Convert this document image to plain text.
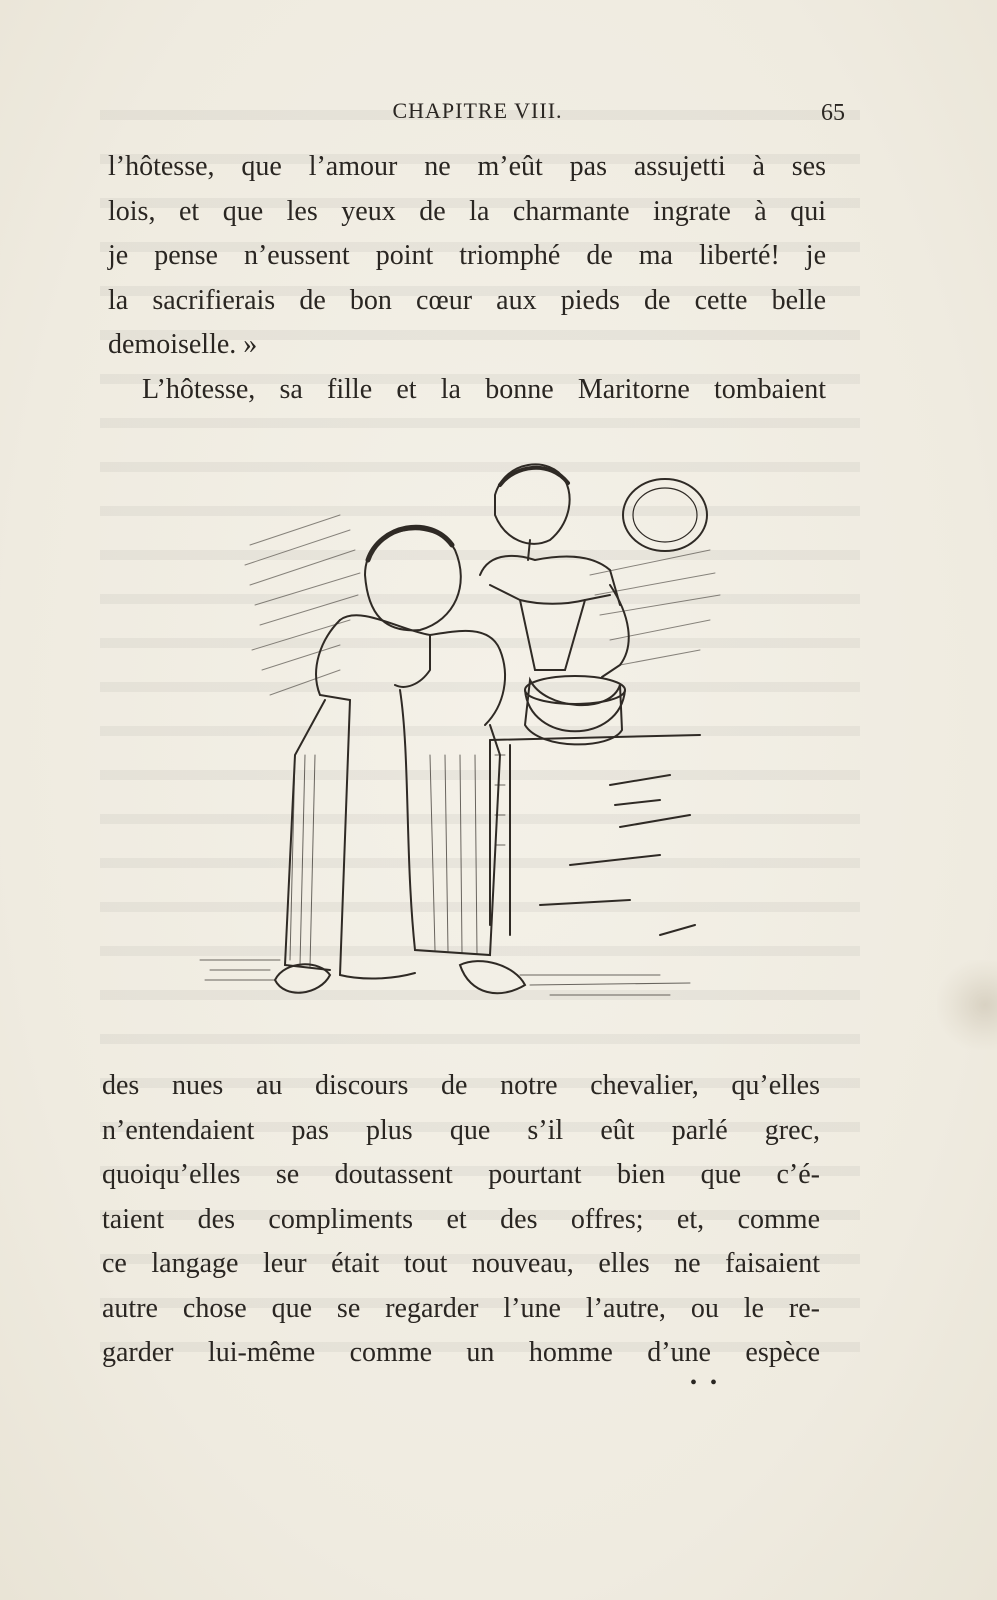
CHAPITRE VIII.	65
l’hôtesse, que l’amour ne m’eût pas assujetti à ses
lois, et que les yeux de la charmante ingrate à qui
je pense n’eussent point triomphé de ma liberté! je
la sacrifierais de bon cœur aux pieds de cette belle
demoiselle. »
L’hôtesse, sa fille et la bonne Maritorne tombaient
des nues au discours de notre chevalier, qu’elles
n’entendaient pas plus que s’il eût parlé grec,
quoiqu’elles se doutassent pourtant bien que c’é-
taient des compliments et des offres; et, comme
ce langage leur était tout nouveau, elles ne faisaient
autre chose que se regarder l’une l’autre, ou le re-
garder lui-même comme un homme d’une espèce
• •
